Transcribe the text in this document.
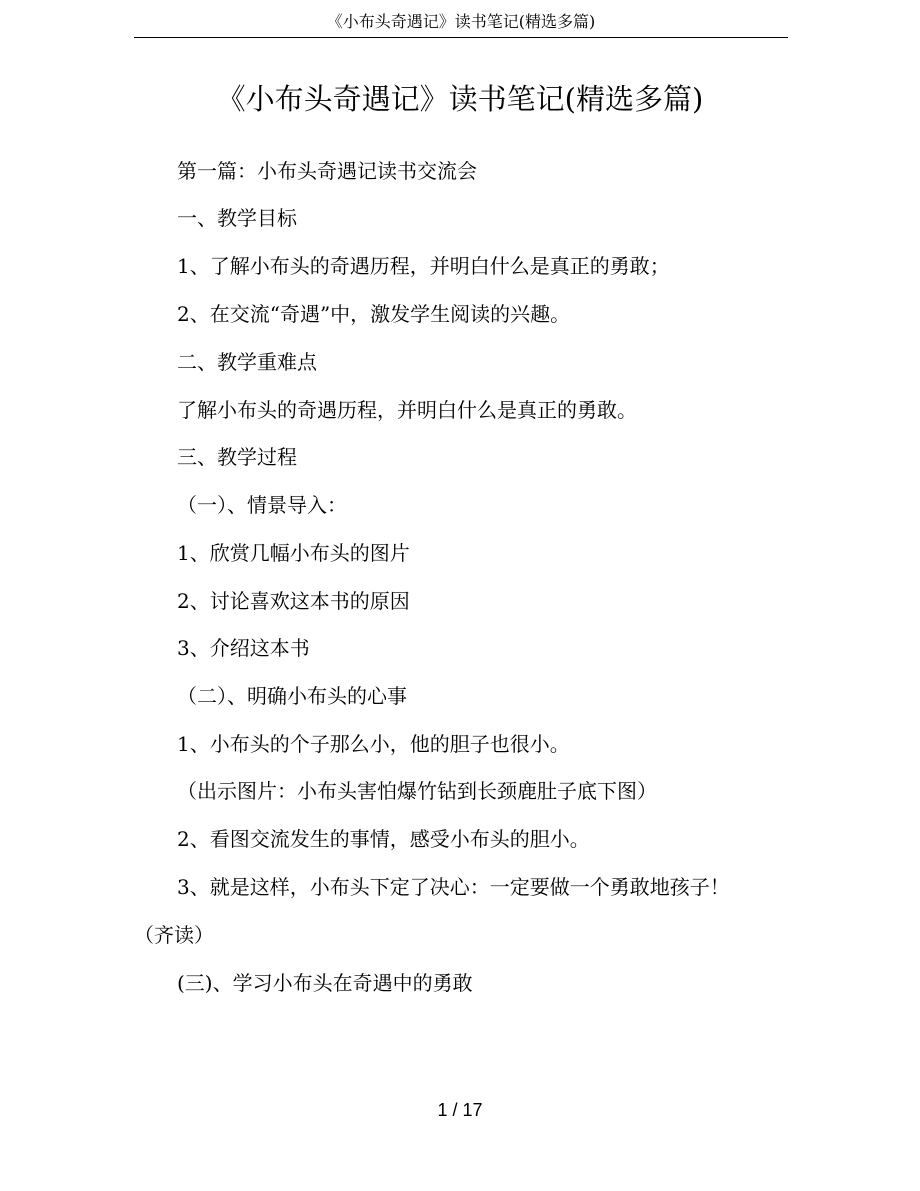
《小布头奇遇记》读书笔记(精选多篇)
《小布头奇遇记》读书笔记(精选多篇)
第一篇：小布头奇遇记读书交流会
一、教学目标
1、了解小布头的奇遇历程，并明白什么是真正的勇敢；
2、在交流“奇遇”中，激发学生阅读的兴趣。
二、教学重难点
了解小布头的奇遇历程，并明白什么是真正的勇敢。
三、教学过程
（一）、情景导入：
1、欣赏几幅小布头的图片
2、讨论喜欢这本书的原因
3、介绍这本书
（二）、明确小布头的心事
1、小布头的个子那么小，他的胆子也很小。
（出示图片：小布头害怕爆竹钻到长颈鹿肚子底下图）
2、看图交流发生的事情，感受小布头的胆小。
3、就是这样，小布头下定了决心：一定要做一个勇敢地孩子！
（齐读）
(三)、学习小布头在奇遇中的勇敢
1 / 17
